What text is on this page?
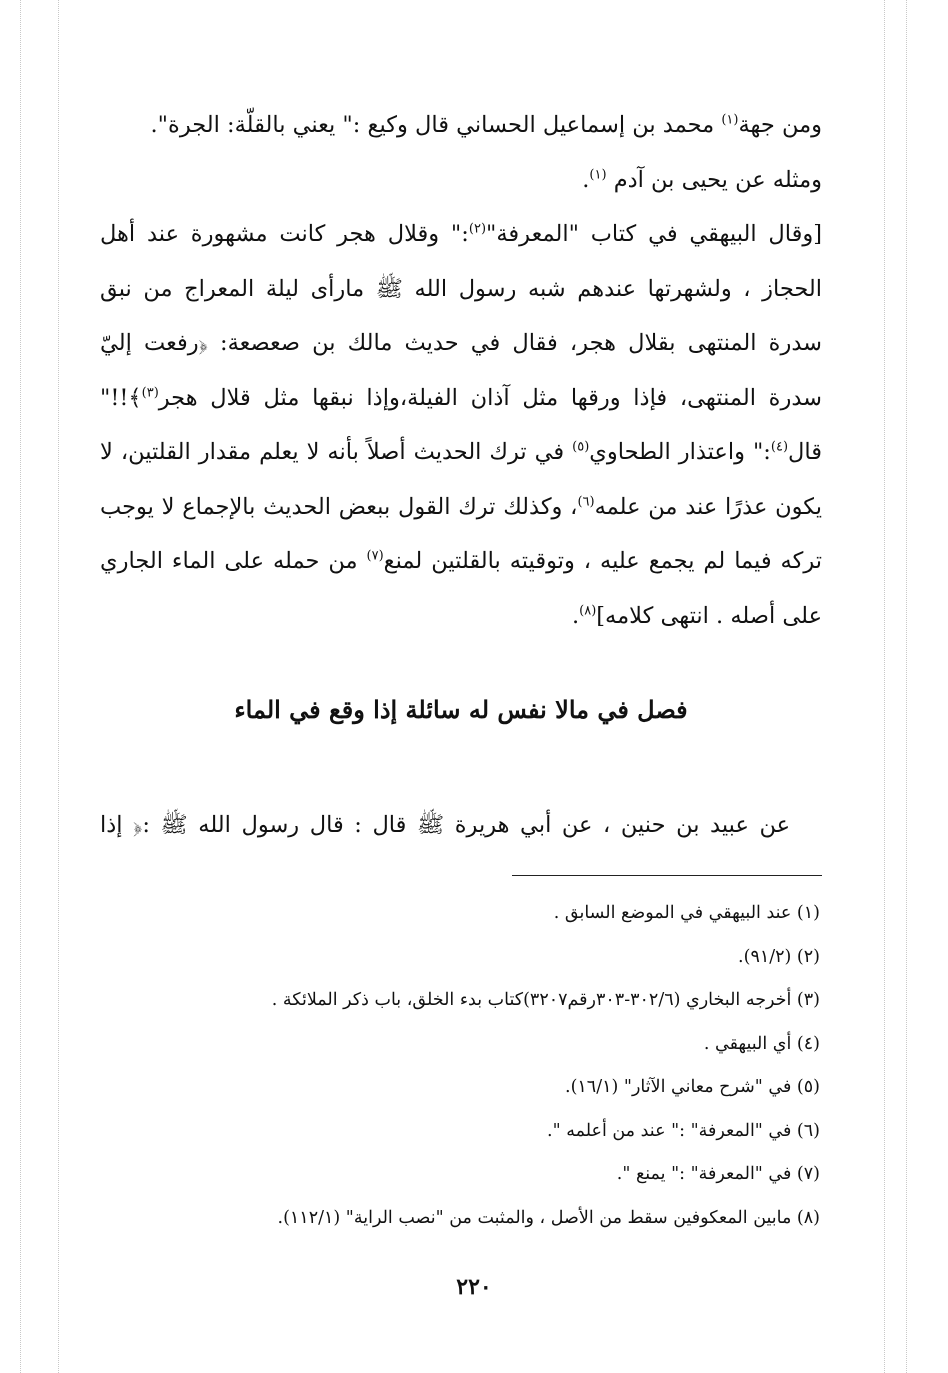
ومن جهة$^{(١)}$ محمد بن إسماعيل الحساني قال وكيع :" يعني بالقلّة: الجرة".

ومثله عن يحيى بن آدم $^{(١)}$.

[وقال البيهقي في كتاب "المعرفة"$^{(٢)}$:" وقلال هجر كانت مشهورة عند أهل الحجاز ، ولشهرتها عندهم شبه رسول الله ﷺ مارأى ليلة المعراج من نبق سدرة المنتهى بقلال هجر، فقال في حديث مالك بن صعصعة: ﴿رفعت إليّ سدرة المنتهى، فإذا ورقها مثل آذان الفيلة،وإذا نبقها مثل قلال هجر$^{(٣)}$﴾!!" قال$^{(٤)}$:" واعتذار الطحاوي$^{(٥)}$ في ترك الحديث أصلاً بأنه لا يعلم مقدار القلتين، لا يكون عذرًا عند من علمه$^{(٦)}$، وكذلك ترك القول ببعض الحديث بالإجماع لا يوجب تركه فيما لم يجمع عليه ، وتوقيته بالقلتين لمنع$^{(٧)}$ من حمله على الماء الجاري على أصله . انتهى كلامه]$^{(٨)}$.

فصل في مالا نفس له سائلة إذا وقع في الماء
عن عبيد بن حنين ، عن أبي هريرة ﷺ قال : قال رسول الله ﷺ :﴿ إذا
(١) عند البيهقي في الموضع السابق .
(٢) (٩١/٢).
(٣) أخرجه البخاري (٣٠٢/٦-٣٠٣رقم٣٢٠٧)كتاب بدء الخلق، باب ذكر الملائكة .
(٤) أي البيهقي .
(٥) في "شرح معاني الآثار" (١٦/١).
(٦) في "المعرفة" :" عند من أعلمه ".
(٧) في "المعرفة" :" يمنع ".
(٨) مابين المعكوفين سقط من الأصل ، والمثبت من "نصب الراية" (١١٢/١).
٢٢٠
